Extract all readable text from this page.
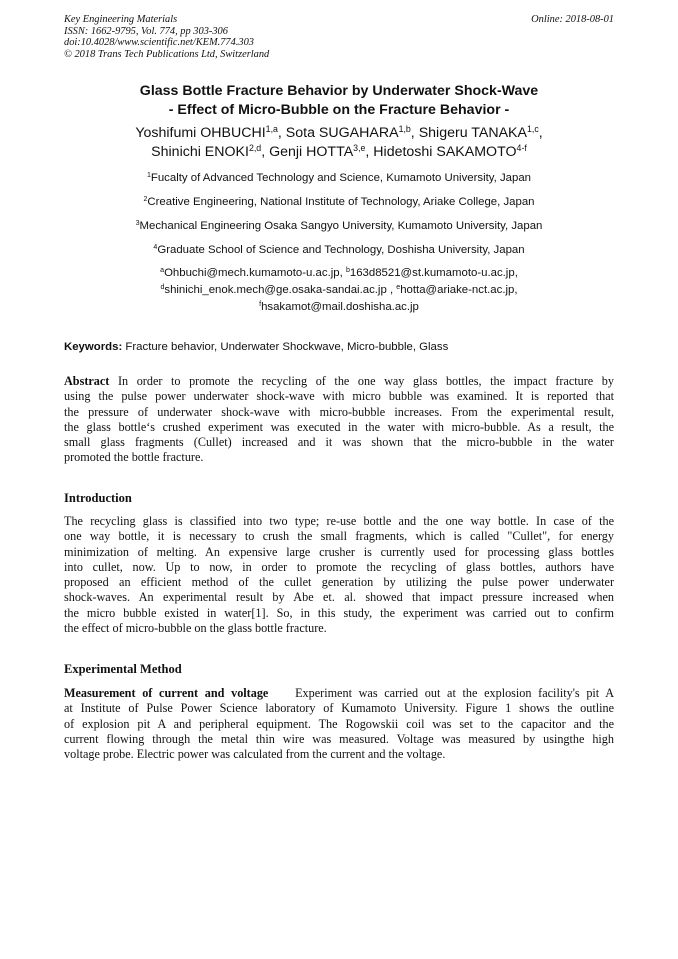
Key Engineering Materials
ISSN: 1662-9795, Vol. 774, pp 303-306
doi:10.4028/www.scientific.net/KEM.774.303
© 2018 Trans Tech Publications Ltd, Switzerland
Online: 2018-08-01
Glass Bottle Fracture Behavior by Underwater Shock-Wave
- Effect of Micro-Bubble on the Fracture Behavior -
Yoshifumi OHBUCHI$^{1,a}$, Sota SUGAHARA$^{1,b}$, Shigeru TANAKA$^{1,c}$,
Shinichi ENOKI$^{2,d}$, Genji HOTTA$^{3,e}$, Hidetoshi SAKAMOTO$^{4-f}$
$^1$Fucalty of Advanced Technology and Science, Kumamoto University, Japan
$^2$Creative Engineering, National Institute of Technology, Ariake College, Japan
$^3$Mechanical Engineering Osaka Sangyo University, Kumamoto University, Japan
$^4$Graduate School of Science and Technology, Doshisha University, Japan
$^a$Ohbuchi@mech.kumamoto-u.ac.jp, $^b$163d8521@st.kumamoto-u.ac.jp,
$^d$shinichi_enok.mech@ge.osaka-sandai.ac.jp , $^e$hotta@ariake-nct.ac.jp,
$^f$hsakamot@mail.doshisha.ac.jp
Keywords: Fracture behavior, Underwater Shockwave, Micro-bubble, Glass
Abstract In order to promote the recycling of the one way glass bottles, the impact fracture by
using the pulse power underwater shock-wave with micro bubble was examined. It is reported that
the pressure of underwater shock-wave with micro-bubble increases. From the experimental result,
the glass bottle‘s crushed experiment was executed in the water with micro-bubble. As a result, the
small glass fragments (Cullet) increased and it was shown that the micro-bubble in the water
promoted the bottle fracture.
Introduction
The recycling glass is classified into two type; re-use bottle and the one way bottle. In case of the
one way bottle, it is necessary to crush the small fragments, which is called "Cullet", for energy
minimization of melting. An expensive large crusher is currently used for processing glass bottles
into cullet, now. Up to now, in order to promote the recycling of glass bottles, authors have
proposed an efficient method of the cullet generation by utilizing the pulse power underwater
shock-waves. An experimental result by Abe et. al. showed that impact pressure increased when
the micro bubble existed in water[1]. So, in this study, the experiment was carried out to confirm
the effect of micro-bubble on the glass bottle fracture.
Experimental Method
Measurement of current and voltage Experiment was carried out at the explosion facility's pit A
at Institute of Pulse Power Science laboratory of Kumamoto University. Figure 1 shows the outline
of explosion pit A and peripheral equipment. The Rogowskii coil was set to the capacitor and the
current flowing through the metal thin wire was measured. Voltage was measured by usingthe high
voltage probe. Electric power was calculated from the current and the voltage.
